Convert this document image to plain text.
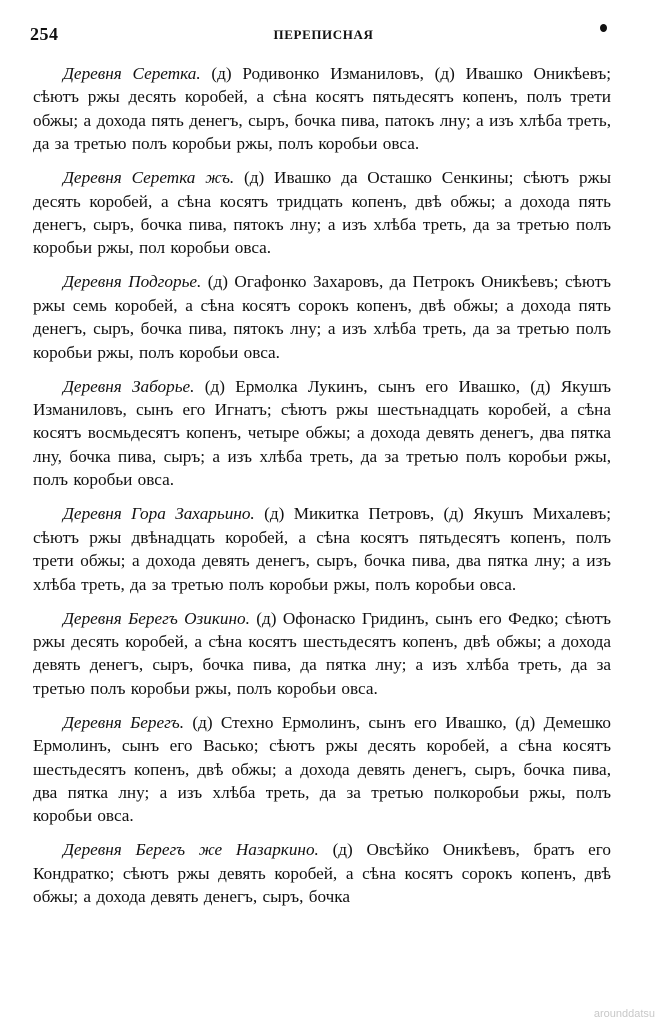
254	ПЕРЕПИСНАЯ

Деревня Серетка. (д) Родивонко Изманиловъ, (д) Ивашко Оникѣевъ; сѣютъ ржы десять коробей, а сѣна косятъ пятьдесятъ копенъ, полъ трети обжы; а дохода пять денегъ, сыръ, бочка пива, патокъ лну; а изъ хлѣба треть, да за третью полъ коробьи ржы, полъ коробьи овса.

Деревня Серетка жъ. (д) Ивашко да Осташко Сенкины; сѣютъ ржы десять коробей, а сѣна косятъ тридцать копенъ, двѣ обжы; а дохода пять денегъ, сыръ, бочка пива, пятокъ лну; а изъ хлѣба треть, да за третью полъ коробьи ржы, пол коробьи овса.

Деревня Подгорье. (д) Огафонко Захаровъ, да Петрокъ Оникѣевъ; сѣютъ ржы семь коробей, а сѣна косятъ сорокъ копенъ, двѣ обжы; а дохода пять денегъ, сыръ, бочка пива, пятокъ лну; а изъ хлѣба треть, да за третью полъ коробьи ржы, полъ коробьи овса.

Деревня Заборье. (д) Ермолка Лукинъ, сынъ его Ивашко, (д) Якушъ Изманиловъ, сынъ его Игнатъ; сѣютъ ржы шестьнадцать коробей, а сѣна косятъ восмьдесятъ копенъ, четыре обжы; а дохода девять денегъ, два пятка лну, бочка пива, сыръ; а изъ хлѣба треть, да за третью полъ коробьи ржы, полъ коробьи овса.

Деревня Гора Захарьино. (д) Микитка Петровъ, (д) Якушъ Михалевъ; сѣютъ ржы двѣнадцать коробей, а сѣна косятъ пятьдесятъ копенъ, полъ трети обжы; а дохода девять денегъ, сыръ, бочка пива, два пятка лну; а изъ хлѣба треть, да за третью полъ коробьи ржы, полъ коробьи овса.

Деревня Берегъ Озикино. (д) Офонаско Гридинъ, сынъ его Федко; сѣютъ ржы десять коробей, а сѣна косятъ шестьдесятъ копенъ, двѣ обжы; а дохода девять денегъ, сыръ, бочка пива, да пятка лну; а изъ хлѣба треть, да за третью полъ коробьи ржы, полъ коробьи овса.

Деревня Берегъ. (д) Стехно Ермолинъ, сынъ его Ивашко, (д) Демешко Ермолинъ, сынъ его Васько; сѣютъ ржы десять коробей, а сѣна косятъ шестьдесятъ копенъ, двѣ обжы; а дохода девять денегъ, сыръ, бочка пива, два пятка лну; а изъ хлѣба треть, да за третью полкоробьи ржы, полъ коробьи овса.

Деревня Берегъ же Назаркино. (д) Овсѣйко Оникѣевъ, братъ его Кондратко; сѣютъ ржы девять коробей, а сѣна косятъ сорокъ копенъ, двѣ обжы; а дохода девять денегъ, сыръ, бочка

arounddatsu
